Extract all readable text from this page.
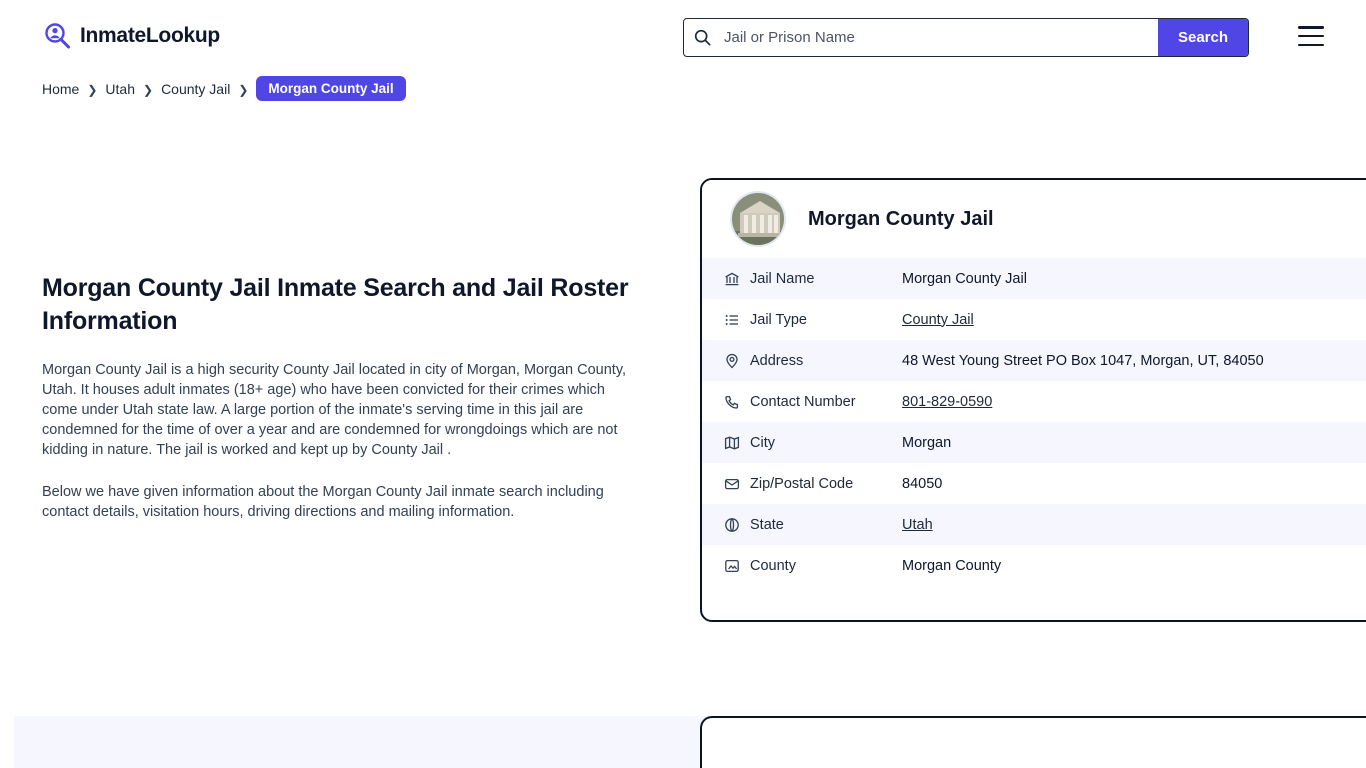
InmateLookup
Jail or Prison Name	Search
Home ❯ Utah ❯ County Jail ❯	Morgan County Jail
Morgan County Jail Inmate Search and Jail Roster Information

Morgan County Jail is a high security County Jail located in city of Morgan, Morgan County, Utah. It houses adult inmates (18+ age) who have been convicted for their crimes which come under Utah state law. A large portion of the inmate's serving time in this jail are condemned for the time of over a year and are condemned for wrongdoings which are not kidding in nature. The jail is worked and kept up by County Jail .

Below we have given information about the Morgan County Jail inmate search including contact details, visitation hours, driving directions and mailing information.

Morgan County Jail
Jail Name	Morgan County Jail
Jail Type	County Jail
Address	48 West Young Street PO Box 1047, Morgan, UT, 84050
Contact Number	801-829-0590
City	Morgan
Zip/Postal Code	84050
State	Utah
County	Morgan County
